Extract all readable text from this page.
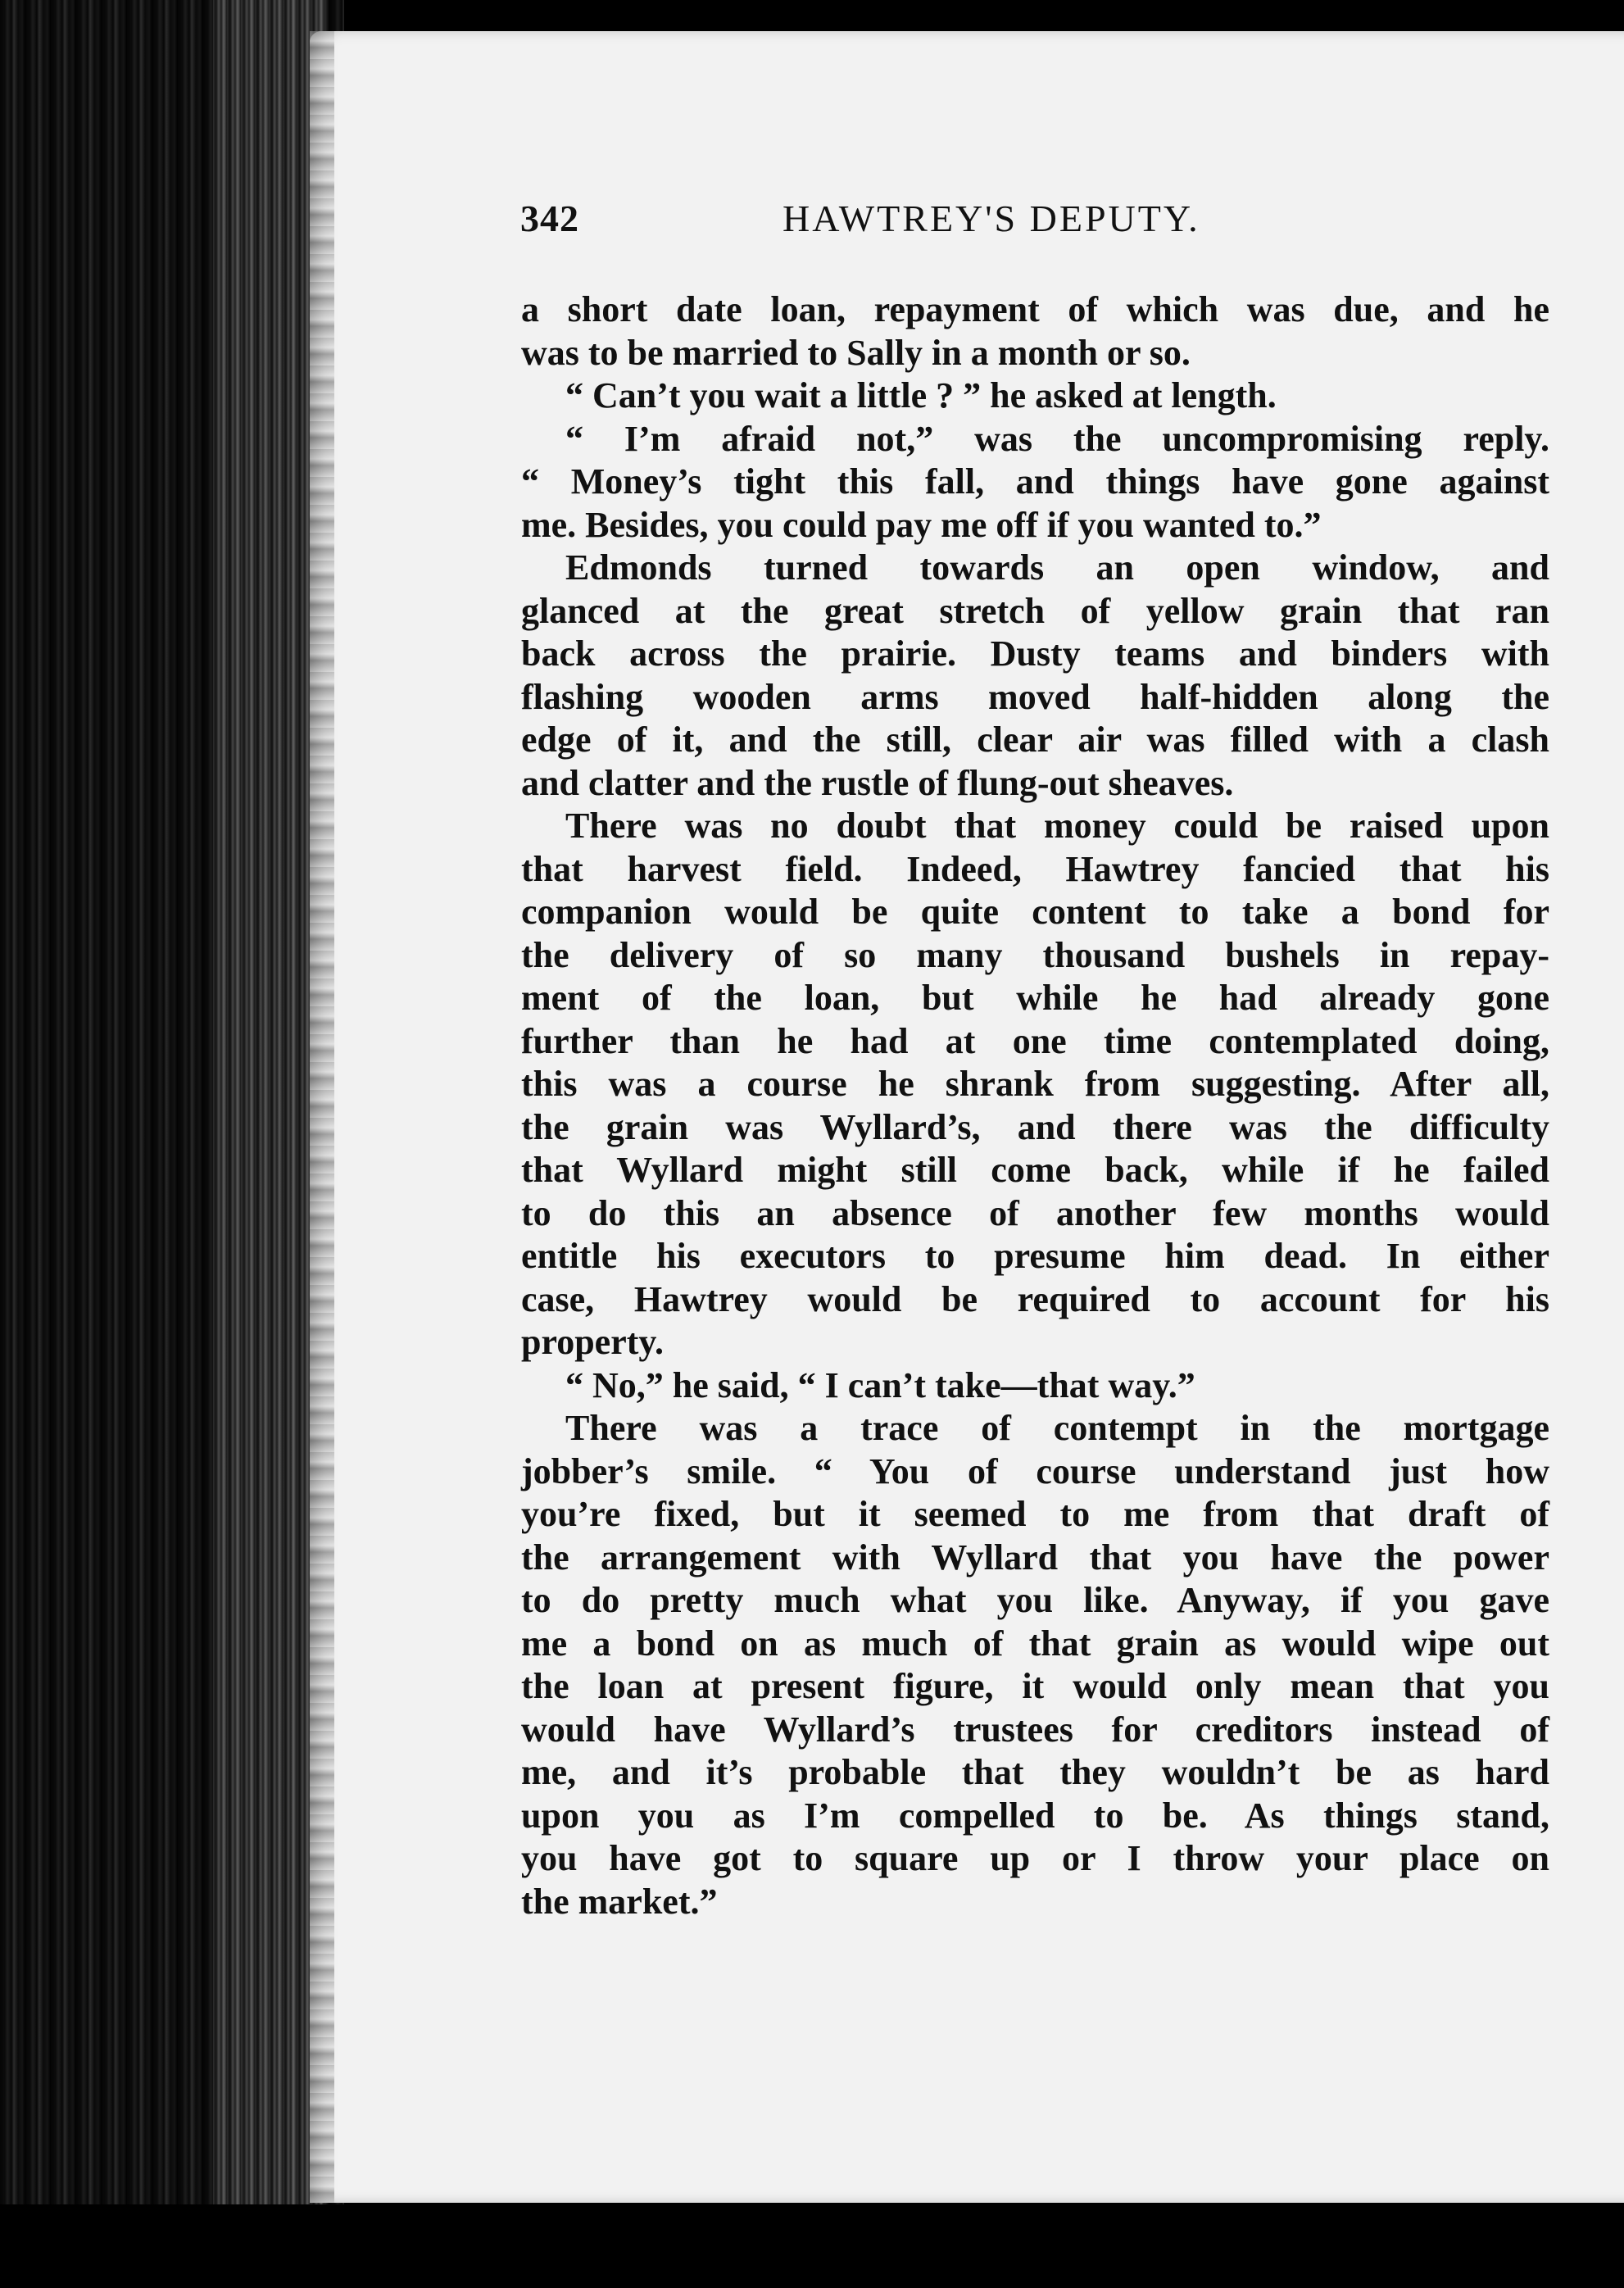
342	HAWTREY'S DEPUTY.
a short date loan, repayment of which was due, and he
was to be married to Sally in a month or so.
“ Can’t you wait a little ? ” he asked at length.
“ I’m afraid not,” was the uncompromising reply.
“ Money’s tight this fall, and things have gone against
me. Besides, you could pay me off if you wanted to.”
Edmonds turned towards an open window, and
glanced at the great stretch of yellow grain that ran
back across the prairie. Dusty teams and binders with
flashing wooden arms moved half-hidden along the
edge of it, and the still, clear air was filled with a clash
and clatter and the rustle of flung-out sheaves.
There was no doubt that money could be raised upon
that harvest field. Indeed, Hawtrey fancied that his
companion would be quite content to take a bond for
the delivery of so many thousand bushels in repay-
ment of the loan, but while he had already gone
further than he had at one time contemplated doing,
this was a course he shrank from suggesting. After all,
the grain was Wyllard’s, and there was the difficulty
that Wyllard might still come back, while if he failed
to do this an absence of another few months would
entitle his executors to presume him dead. In either
case, Hawtrey would be required to account for his
property.
“ No,” he said, “ I can’t take—that way.”
There was a trace of contempt in the mortgage
jobber’s smile. “ You of course understand just how
you’re fixed, but it seemed to me from that draft of
the arrangement with Wyllard that you have the power
to do pretty much what you like. Anyway, if you gave
me a bond on as much of that grain as would wipe out
the loan at present figure, it would only mean that you
would have Wyllard’s trustees for creditors instead of
me, and it’s probable that they wouldn’t be as hard
upon you as I’m compelled to be. As things stand,
you have got to square up or I throw your place on
the market.”
